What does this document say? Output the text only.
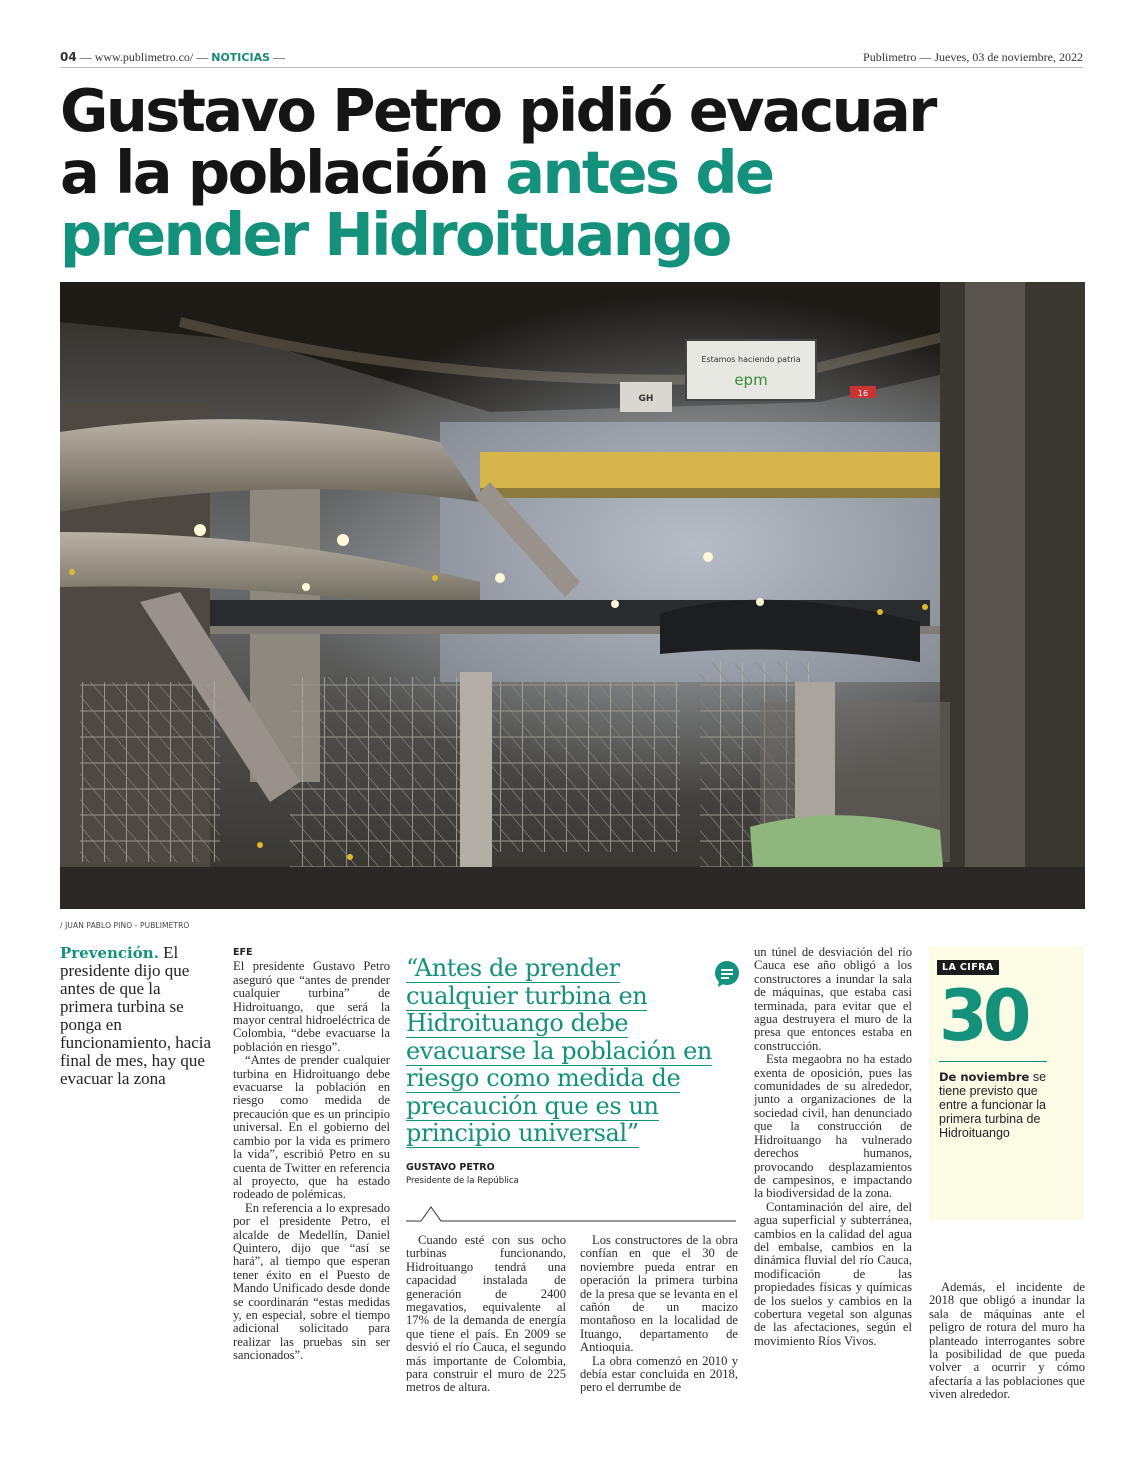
04 — www.publimetro.co/ — NOTICIAS —	Publimetro — Jueves, 03 de noviembre, 2022
Gustavo Petro pidió evacuar
a la población antes de
prender Hidroituango
Estamos haciendo patria
epm
GH
16
/ JUAN PABLO PINO - PUBLIMETRO
Prevención. El presidente dijo que antes de que la primera turbina se ponga en funcionamiento, hacia final de mes, hay que evacuar la zona
EFE

El presidente Gustavo Petro aseguró que “antes de prender cualquier turbina” de Hidroituango, que será la mayor central hidroeléctrica de Colombia, “debe evacuarse la población en riesgo”.

“Antes de prender cualquier turbina en Hidroituango debe evacuarse la población en riesgo como medida de precaución que es un principio universal. En el gobierno del cambio por la vida es primero la vida”, escribió Petro en su cuenta de Twitter en referencia al proyecto, que ha estado rodeado de polémicas.

En referencia a lo expresado por el presidente Petro, el alcalde de Medellín, Daniel Quintero, dijo que “así se hará”, al tiempo que esperan tener éxito en el Puesto de Mando Unificado desde donde se coordinarán “estas medidas y, en especial, sobre el tiempo adicional solicitado para realizar las pruebas sin ser sancionados”.

“Antes de prender cualquier turbina en Hidroituango debe evacuarse la población en riesgo como medida de precaución que es un principio universal”

GUSTAVO PETRO
Presidente de la República

Cuando esté con sus ocho turbinas funcionando, Hidroituango tendrá una capacidad instalada de generación de 2400 megavatios, equivalente al 17% de la demanda de energía que tiene el país. En 2009 se desvió el río Cauca, el segundo más importante de Colombia, para construir el muro de 225 metros de altura.

Los constructores de la obra confían en que el 30 de noviembre pueda entrar en operación la primera turbina de la presa que se levanta en el cañón de un macizo montañoso en la localidad de Ituango, departamento de Antioquia.

La obra comenzó en 2010 y debía estar concluida en 2018, pero el derrumbe de

un túnel de desviación del río Cauca ese año obligó a los constructores a inundar la sala de máquinas, que estaba casi terminada, para evitar que el agua destruyera el muro de la presa que entonces estaba en construcción.

Esta megaobra no ha estado exenta de oposición, pues las comunidades de su alrededor, junto a organizaciones de la sociedad civil, han denunciado que la construcción de Hidroituango ha vulnerado derechos humanos, provocando desplazamientos de campesinos, e impactando la biodiversidad de la zona.

Contaminación del aire, del agua superficial y subterránea, cambios en la calidad del agua del embalse, cambios en la dinámica fluvial del río Cauca, modificación de las propiedades físicas y químicas de los suelos y cambios en la cobertura vegetal son algunas de las afectaciones, según el movimiento Ríos Vivos.

LA CIFRA
30
De noviembre se tiene previsto que entre a funcionar la primera turbina de Hidroituango

Además, el incidente de 2018 que obligó a inundar la sala de máquinas ante el peligro de rotura del muro ha planteado interrogantes sobre la posibilidad de que pueda volver a ocurrir y cómo afectaría a las poblaciones que viven alrededor.
